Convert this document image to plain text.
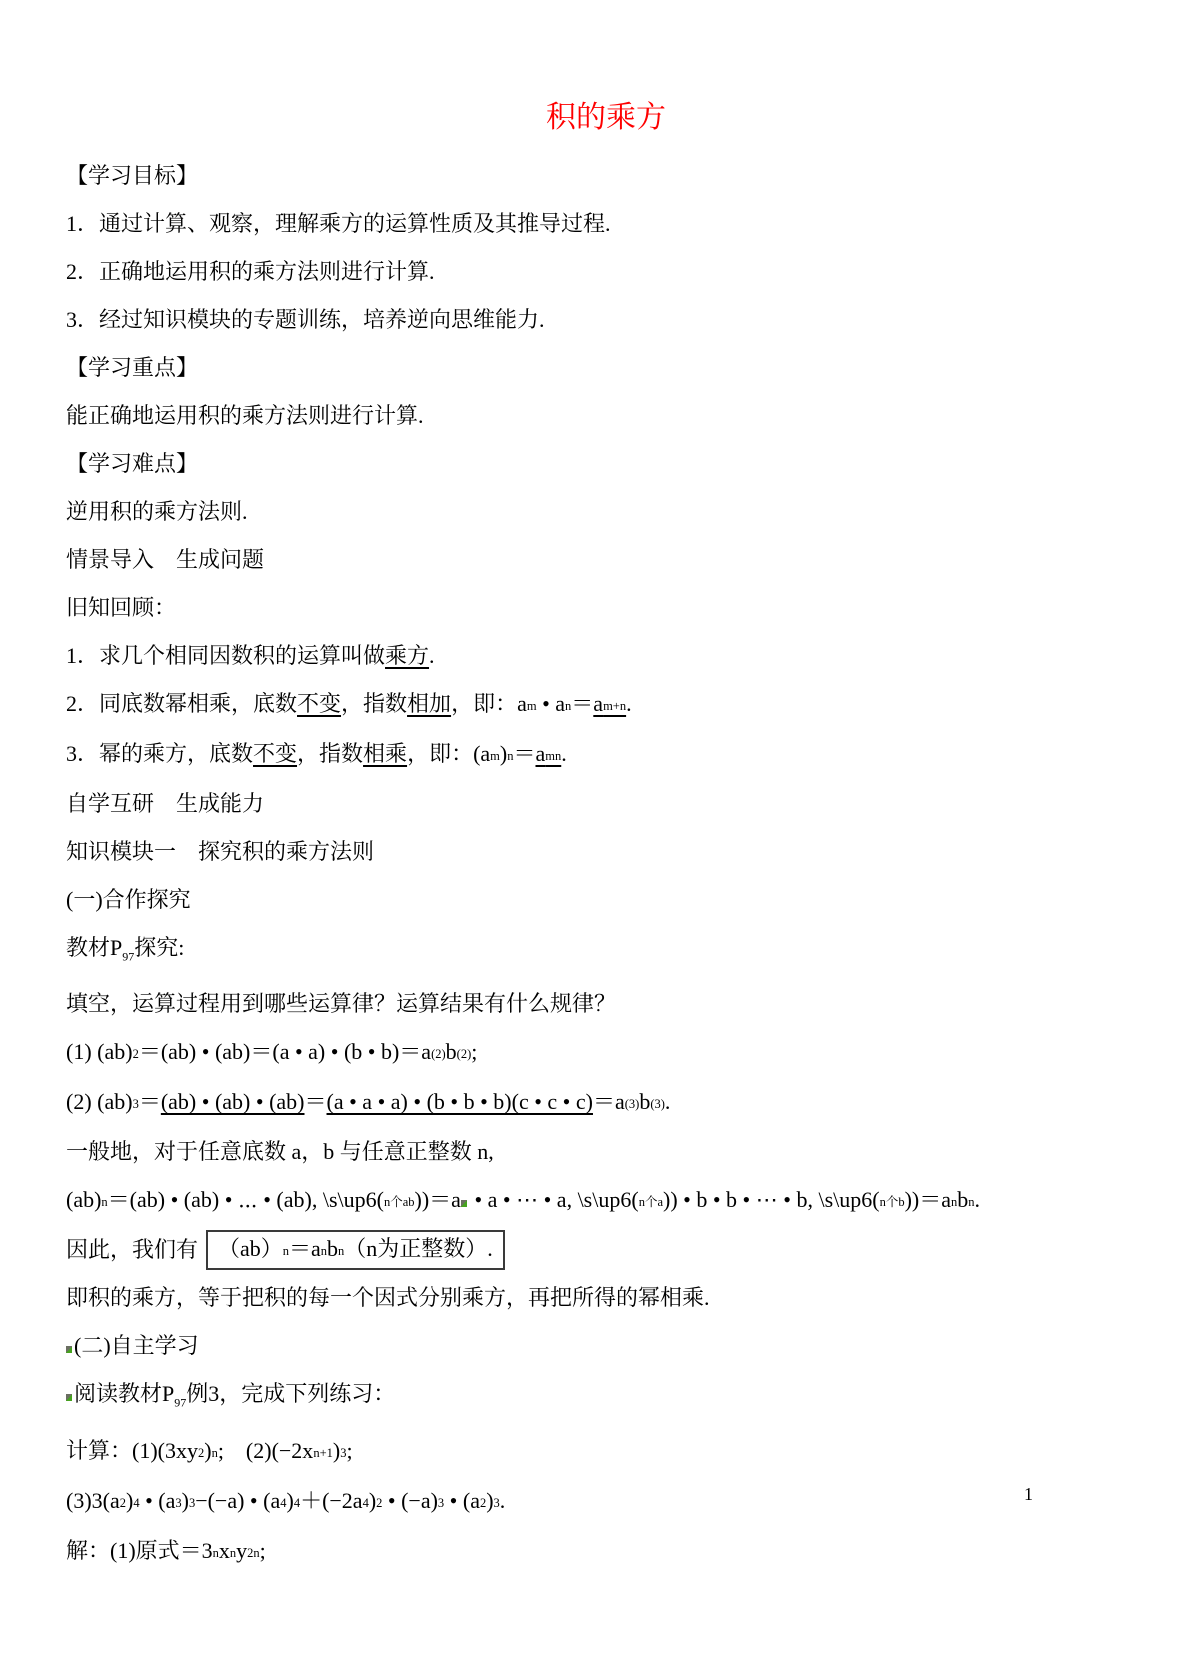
积的乘方

【学习目标】

1．通过计算、观察，理解乘方的运算性质及其推导过程.

2．正确地运用积的乘方法则进行计算.

3．经过知识模块的专题训练，培养逆向思维能力.

【学习重点】

能正确地运用积的乘方法则进行计算.

【学习难点】

逆用积的乘方法则.

情景导入　生成问题

旧知回顾：

1．求几个相同因数积的运算叫做乘方.

2．同底数幂相乘，底数不变，指数相加，即：am • an＝am+n.

3．幂的乘方，底数不变，指数相乘，即：(am)n＝amn.

自学互研　生成能力

知识模块一　探究积的乘方法则

(一)合作探究

教材$P_{97}$探究:

填空，运算过程用到哪些运算律？运算结果有什么规律？

(1) (ab)2＝(ab) • (ab)＝(a • a) • (b • b)＝a(2)b(2);

(2) (ab)3＝(ab) • (ab) • (ab)＝(a • a • a) • (b • b • b)(c • c • c)＝a(3)b(3).

一般地，对于任意底数 a，b 与任意正整数 n,

(ab)n＝(ab) • (ab) • ⋯ • (ab), \s\up6(n个ab))＝a • a • ⋯ • a, \s\up6(n个a)) • b • b • ⋯ • b, \s\up6(n个b))＝anbn.

因此，我们有 （ab）n＝anbn（n为正整数）.

即积的乘方，等于把积的每一个因式分别乘方，再把所得的幂相乘.

(二)自主学习

阅读教材$P_{97}$例3，完成下列练习：

计算：(1)(3xy2)n;　(2)(−2xn+1)3;

(3)3(a2)4 • (a3)3−(−a) • (a4)4＋(−2a4)2 • (−a)3 • (a2)3.

解：(1)原式＝3nxny2n;

1
